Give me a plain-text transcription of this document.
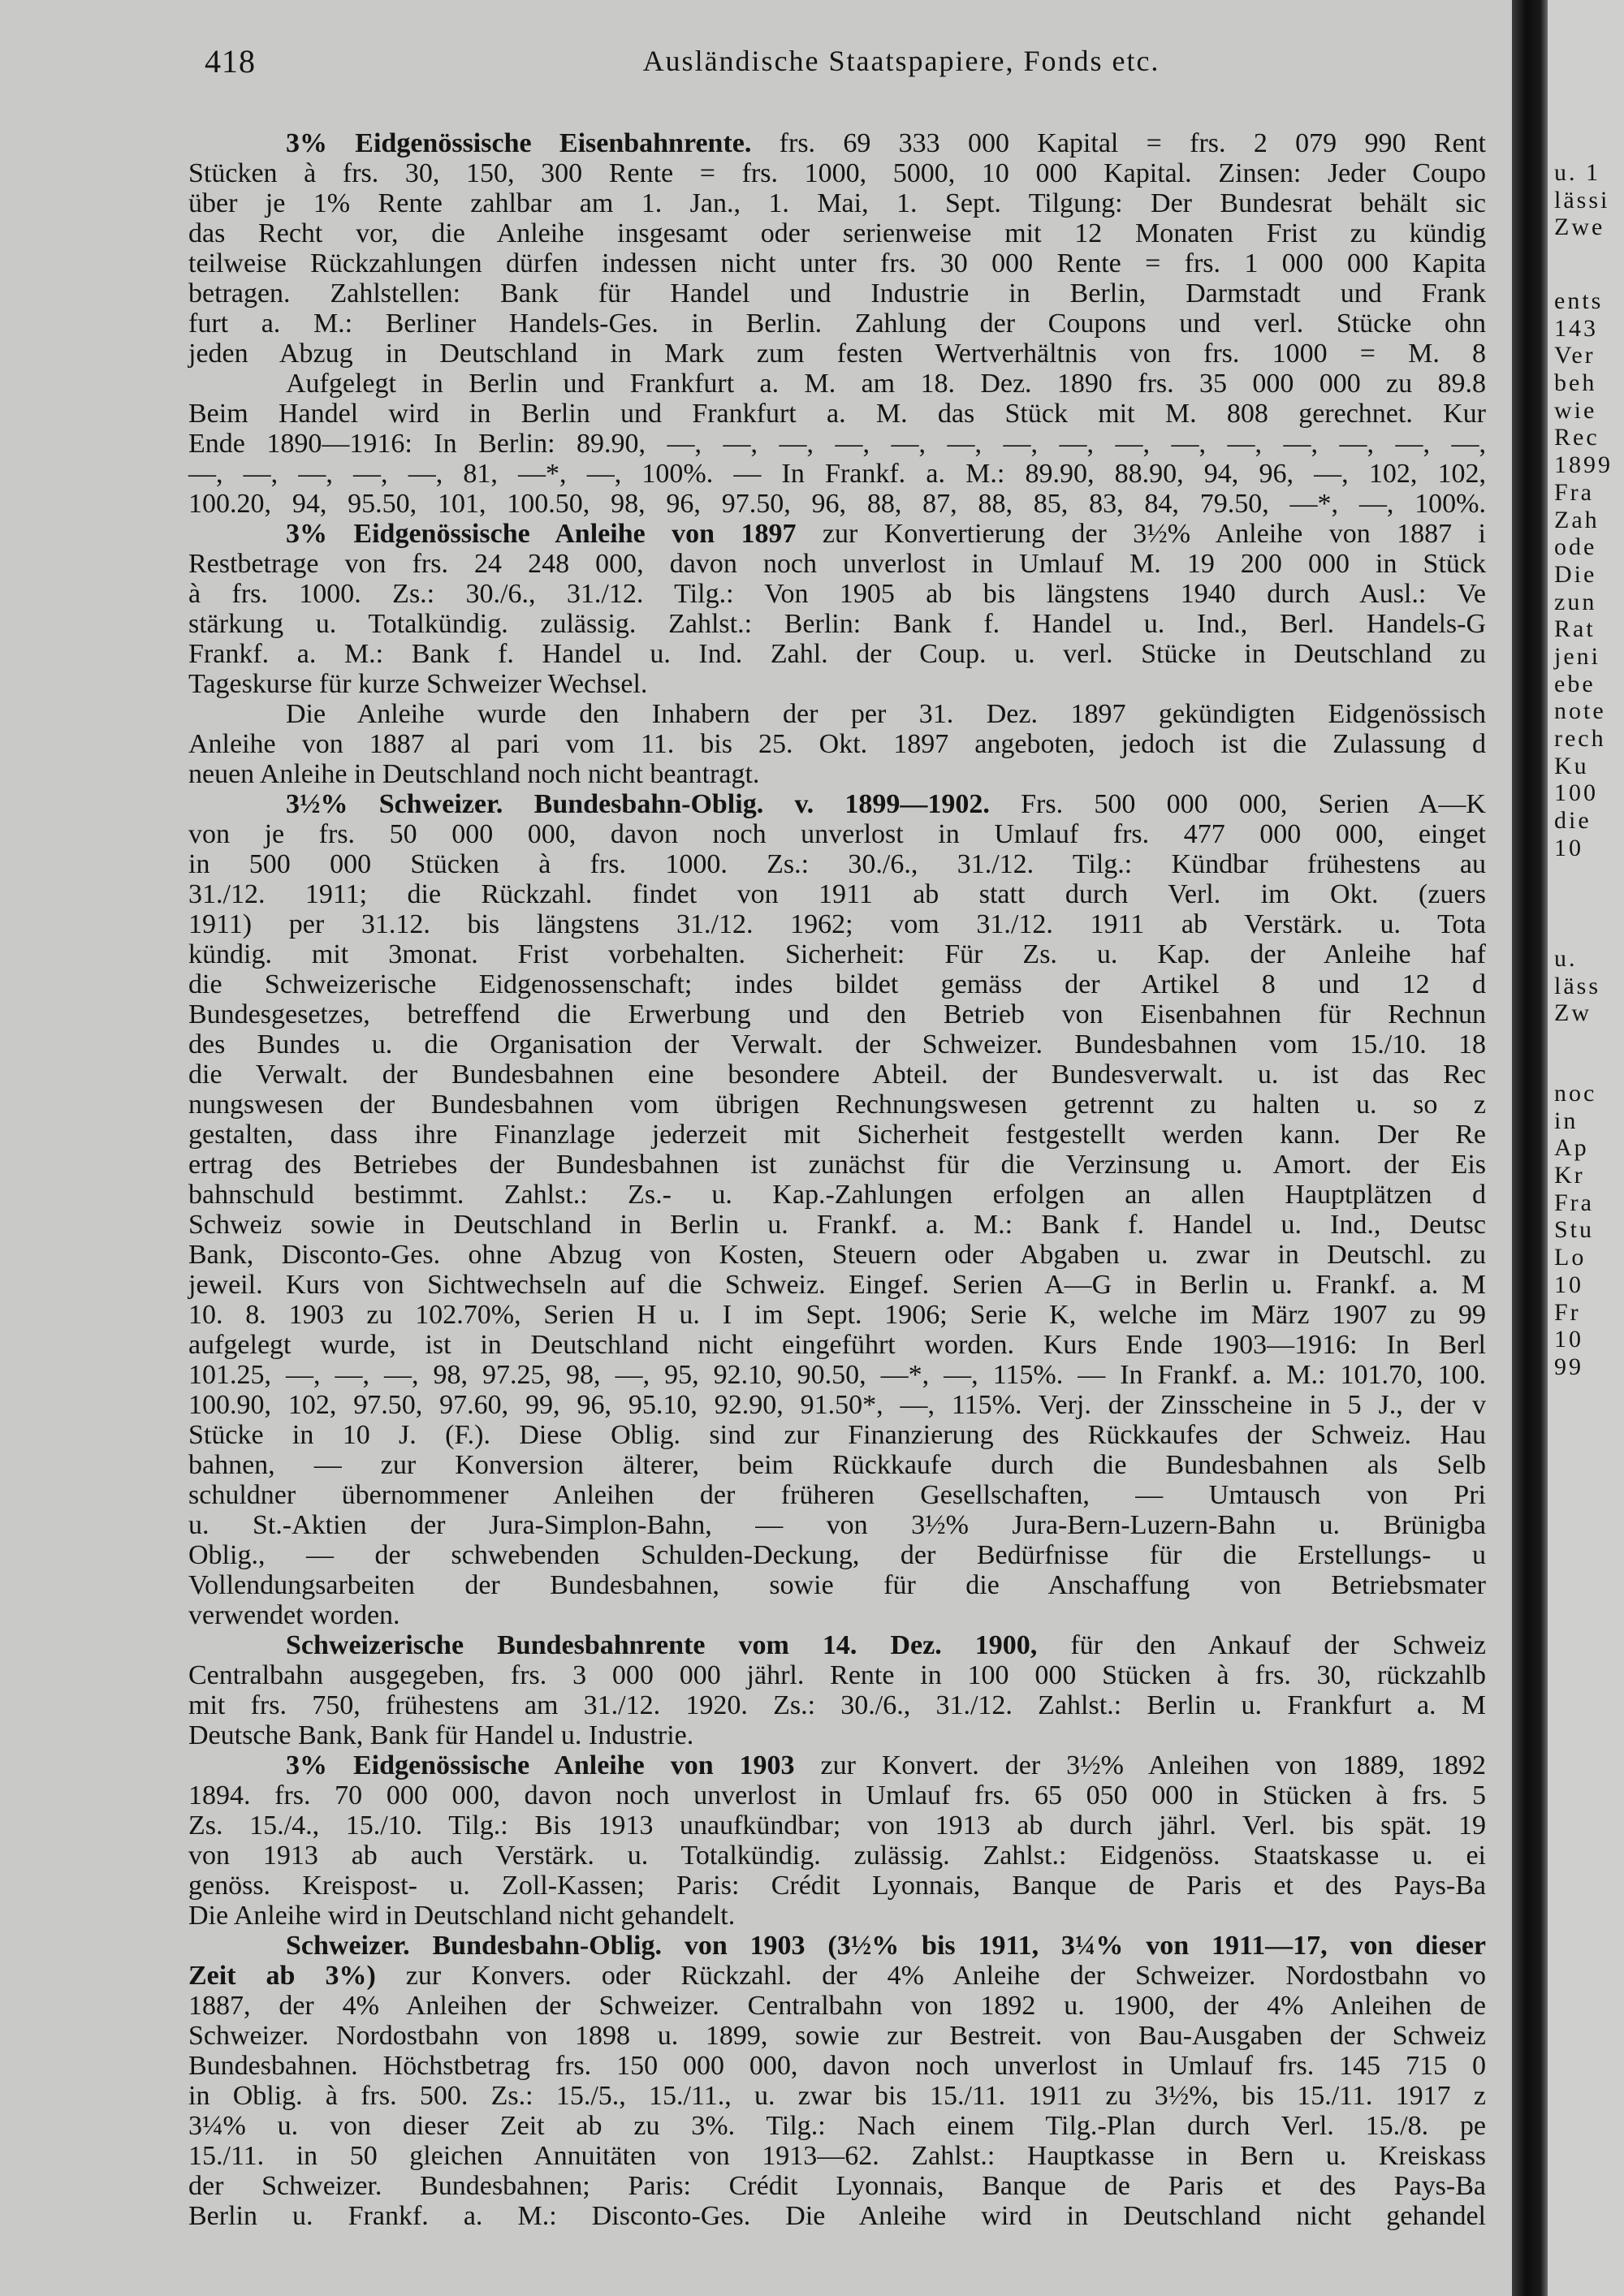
418	Ausländische Staatspapiere, Fonds etc.
3% Eidgenössische Eisenbahnrente. frs. 69 333 000 Kapital = frs. 2 079 990 Rent
Stücken à frs. 30, 150, 300 Rente = frs. 1000, 5000, 10 000 Kapital. Zinsen: Jeder Coupo
über je 1% Rente zahlbar am 1. Jan., 1. Mai, 1. Sept. Tilgung: Der Bundesrat behält sic
das Recht vor, die Anleihe insgesamt oder serienweise mit 12 Monaten Frist zu kündig
teilweise Rückzahlungen dürfen indessen nicht unter frs. 30 000 Rente = frs. 1 000 000 Kapita
betragen. Zahlstellen: Bank für Handel und Industrie in Berlin, Darmstadt und Frank
furt a. M.: Berliner Handels-Ges. in Berlin. Zahlung der Coupons und verl. Stücke ohn
jeden Abzug in Deutschland in Mark zum festen Wertverhältnis von frs. 1000 = M. 8
Aufgelegt in Berlin und Frankfurt a. M. am 18. Dez. 1890 frs. 35 000 000 zu 89.8
Beim Handel wird in Berlin und Frankfurt a. M. das Stück mit M. 808 gerechnet. Kur
Ende 1890—1916: In Berlin: 89.90, —, —, —, —, —, —, —, —, —, —, —, —, —, —, —,
—, —, —, —, —, 81, —*, —, 100%. — In Frankf. a. M.: 89.90, 88.90, 94, 96, —, 102, 102,
100.20, 94, 95.50, 101, 100.50, 98, 96, 97.50, 96, 88, 87, 88, 85, 83, 84, 79.50, —*, —, 100%.
3% Eidgenössische Anleihe von 1897 zur Konvertierung der 3½% Anleihe von 1887 i
Restbetrage von frs. 24 248 000, davon noch unverlost in Umlauf M. 19 200 000 in Stück
à frs. 1000. Zs.: 30./6., 31./12. Tilg.: Von 1905 ab bis längstens 1940 durch Ausl.: Ve
stärkung u. Totalkündig. zulässig. Zahlst.: Berlin: Bank f. Handel u. Ind., Berl. Handels-G
Frankf. a. M.: Bank f. Handel u. Ind. Zahl. der Coup. u. verl. Stücke in Deutschland zu
Tageskurse für kurze Schweizer Wechsel.
Die Anleihe wurde den Inhabern der per 31. Dez. 1897 gekündigten Eidgenössisch
Anleihe von 1887 al pari vom 11. bis 25. Okt. 1897 angeboten, jedoch ist die Zulassung d
neuen Anleihe in Deutschland noch nicht beantragt.
3½% Schweizer. Bundesbahn-Oblig. v. 1899—1902. Frs. 500 000 000, Serien A—K
von je frs. 50 000 000, davon noch unverlost in Umlauf frs. 477 000 000, einget
in 500 000 Stücken à frs. 1000. Zs.: 30./6., 31./12. Tilg.: Kündbar frühestens au
31./12. 1911; die Rückzahl. findet von 1911 ab statt durch Verl. im Okt. (zuers
1911) per 31.12. bis längstens 31./12. 1962; vom 31./12. 1911 ab Verstärk. u. Tota
kündig. mit 3monat. Frist vorbehalten. Sicherheit: Für Zs. u. Kap. der Anleihe haf
die Schweizerische Eidgenossenschaft; indes bildet gemäss der Artikel 8 und 12 d
Bundesgesetzes, betreffend die Erwerbung und den Betrieb von Eisenbahnen für Rechnun
des Bundes u. die Organisation der Verwalt. der Schweizer. Bundesbahnen vom 15./10. 18
die Verwalt. der Bundesbahnen eine besondere Abteil. der Bundesverwalt. u. ist das Rec
nungswesen der Bundesbahnen vom übrigen Rechnungswesen getrennt zu halten u. so z
gestalten, dass ihre Finanzlage jederzeit mit Sicherheit festgestellt werden kann. Der Re
ertrag des Betriebes der Bundesbahnen ist zunächst für die Verzinsung u. Amort. der Eis
bahnschuld bestimmt. Zahlst.: Zs.- u. Kap.-Zahlungen erfolgen an allen Hauptplätzen d
Schweiz sowie in Deutschland in Berlin u. Frankf. a. M.: Bank f. Handel u. Ind., Deutsc
Bank, Disconto-Ges. ohne Abzug von Kosten, Steuern oder Abgaben u. zwar in Deutschl. zu
jeweil. Kurs von Sichtwechseln auf die Schweiz. Eingef. Serien A—G in Berlin u. Frankf. a. M
10. 8. 1903 zu 102.70%, Serien H u. I im Sept. 1906; Serie K, welche im März 1907 zu 99
aufgelegt wurde, ist in Deutschland nicht eingeführt worden. Kurs Ende 1903—1916: In Berl
101.25, —, —, —, 98, 97.25, 98, —, 95, 92.10, 90.50, —*, —, 115%. — In Frankf. a. M.: 101.70, 100.
100.90, 102, 97.50, 97.60, 99, 96, 95.10, 92.90, 91.50*, —, 115%. Verj. der Zinsscheine in 5 J., der v
Stücke in 10 J. (F.). Diese Oblig. sind zur Finanzierung des Rückkaufes der Schweiz. Hau
bahnen, — zur Konversion älterer, beim Rückkaufe durch die Bundesbahnen als Selb
schuldner übernommener Anleihen der früheren Gesellschaften, — Umtausch von Pri
u. St.-Aktien der Jura-Simplon-Bahn, — von 3½% Jura-Bern-Luzern-Bahn u. Brünigba
Oblig., — der schwebenden Schulden-Deckung, der Bedürfnisse für die Erstellungs- u
Vollendungsarbeiten der Bundesbahnen, sowie für die Anschaffung von Betriebsmater
verwendet worden.
Schweizerische Bundesbahnrente vom 14. Dez. 1900, für den Ankauf der Schweiz
Centralbahn ausgegeben, frs. 3 000 000 jährl. Rente in 100 000 Stücken à frs. 30, rückzahlb
mit frs. 750, frühestens am 31./12. 1920. Zs.: 30./6., 31./12. Zahlst.: Berlin u. Frankfurt a. M
Deutsche Bank, Bank für Handel u. Industrie.
3% Eidgenössische Anleihe von 1903 zur Konvert. der 3½% Anleihen von 1889, 1892
1894. frs. 70 000 000, davon noch unverlost in Umlauf frs. 65 050 000 in Stücken à frs. 5
Zs. 15./4., 15./10. Tilg.: Bis 1913 unaufkündbar; von 1913 ab durch jährl. Verl. bis spät. 19
von 1913 ab auch Verstärk. u. Totalkündig. zulässig. Zahlst.: Eidgenöss. Staatskasse u. ei
genöss. Kreispost- u. Zoll-Kassen; Paris: Crédit Lyonnais, Banque de Paris et des Pays-Ba
Die Anleihe wird in Deutschland nicht gehandelt.
Schweizer. Bundesbahn-Oblig. von 1903 (3½% bis 1911, 3¼% von 1911—17, von dieser
Zeit ab 3%) zur Konvers. oder Rückzahl. der 4% Anleihe der Schweizer. Nordostbahn vo
1887, der 4% Anleihen der Schweizer. Centralbahn von 1892 u. 1900, der 4% Anleihen de
Schweizer. Nordostbahn von 1898 u. 1899, sowie zur Bestreit. von Bau-Ausgaben der Schweiz
Bundesbahnen. Höchstbetrag frs. 150 000 000, davon noch unverlost in Umlauf frs. 145 715 0
in Oblig. à frs. 500. Zs.: 15./5., 15./11., u. zwar bis 15./11. 1911 zu 3½%, bis 15./11. 1917 z
3¼% u. von dieser Zeit ab zu 3%. Tilg.: Nach einem Tilg.-Plan durch Verl. 15./8. pe
15./11. in 50 gleichen Annuitäten von 1913—62. Zahlst.: Hauptkasse in Bern u. Kreiskass
der Schweizer. Bundesbahnen; Paris: Crédit Lyonnais, Banque de Paris et des Pays-Ba
Berlin u. Frankf. a. M.: Disconto-Ges. Die Anleihe wird in Deutschland nicht gehandel
u. 1
lässi
Zwe
ents
143
Ver
beh
wie
Rec
1899
Fra
Zah
ode
Die
zun
Rat
jeni
ebe
note
rech
Ku
100
die
10
u.
läss
Zw
noc
in
Ap
Kr
Fra
Stu
Lo
10
Fr
10
99
